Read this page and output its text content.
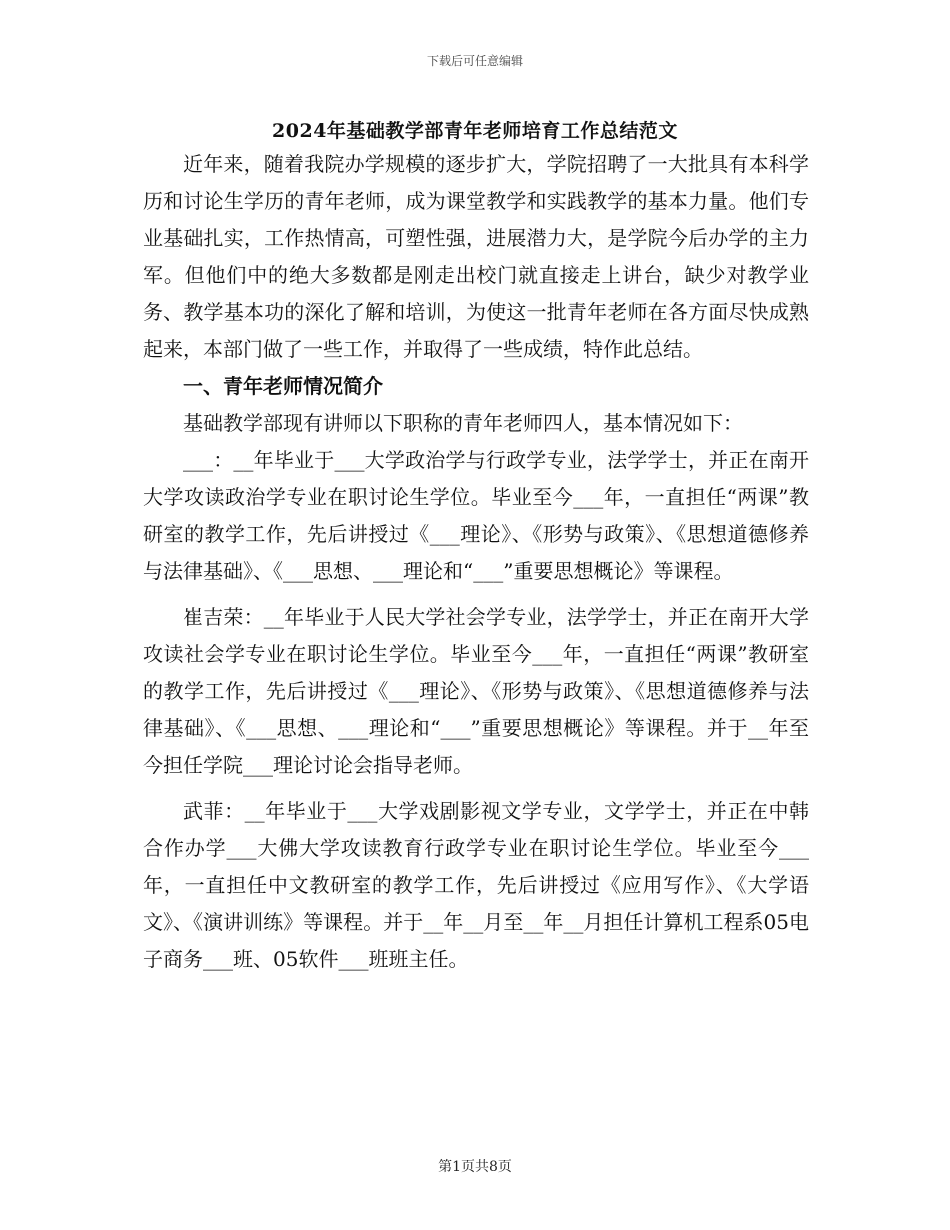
下载后可任意编辑
2024年基础教学部青年老师培育工作总结范文

近年来，随着我院办学规模的逐步扩大，学院招聘了一大批具有本科学历和讨论生学历的青年老师，成为课堂教学和实践教学的基本力量。他们专业基础扎实，工作热情高，可塑性强，进展潜力大，是学院今后办学的主力军。但他们中的绝大多数都是刚走出校门就直接走上讲台，缺少对教学业务、教学基本功的深化了解和培训，为使这一批青年老师在各方面尽快成熟起来，本部门做了一些工作，并取得了一些成绩，特作此总结。

一、青年老师情况简介

基础教学部现有讲师以下职称的青年老师四人，基本情况如下：

___：__年毕业于___大学政治学与行政学专业，法学学士，并正在南开大学攻读政治学专业在职讨论生学位。毕业至今___年，一直担任“两课”教研室的教学工作，先后讲授过《___理论》、《形势与政策》、《思想道德修养与法律基础》、《___思想、___理论和“___”重要思想概论》等课程。

崔吉荣：__年毕业于人民大学社会学专业，法学学士，并正在南开大学攻读社会学专业在职讨论生学位。毕业至今___年，一直担任“两课”教研室的教学工作，先后讲授过《___理论》、《形势与政策》、《思想道德修养与法律基础》、《___思想、___理论和“___”重要思想概论》等课程。并于__年至今担任学院___理论讨论会指导老师。

武菲：__年毕业于___大学戏剧影视文学专业，文学学士，并正在中韩合作办学___大佛大学攻读教育行政学专业在职讨论生学位。毕业至今___年，一直担任中文教研室的教学工作，先后讲授过《应用写作》、《大学语文》、《演讲训练》等课程。并于__年__月至__年__月担任计算机工程系05电子商务___班、05软件___班班主任。

第1页共8页
